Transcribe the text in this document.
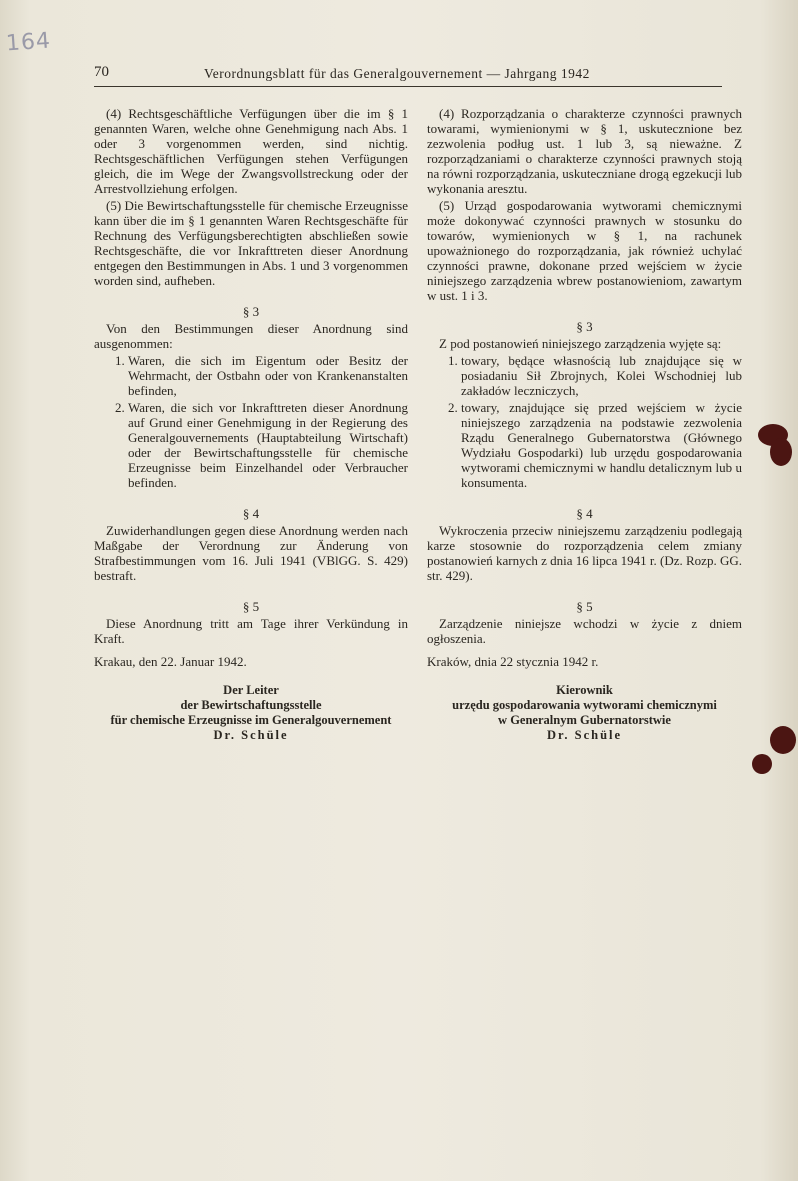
164
70	Verordnungsblatt für das Generalgouvernement — Jahrgang 1942

(4) Rechtsgeschäftliche Verfügungen über die im § 1 genannten Waren, welche ohne Genehmigung nach Abs. 1 oder 3 vorgenommen werden, sind nichtig. Rechtsgeschäftlichen Verfügungen stehen Verfügungen gleich, die im Wege der Zwangsvollstreckung oder der Arrestvollziehung erfolgen.

(5) Die Bewirtschaftungsstelle für chemische Erzeugnisse kann über die im § 1 genannten Waren Rechtsgeschäfte für Rechnung des Verfügungsberechtigten abschließen sowie Rechtsgeschäfte, die vor Inkrafttreten dieser Anordnung entgegen den Bestimmungen in Abs. 1 und 3 vorgenommen worden sind, aufheben.

§ 3

Von den Bestimmungen dieser Anordnung sind ausgenommen:

1. Waren, die sich im Eigentum oder Besitz der Wehrmacht, der Ostbahn oder von Krankenanstalten befinden,
2. Waren, die sich vor Inkrafttreten dieser Anordnung auf Grund einer Genehmigung in der Regierung des Generalgouvernements (Hauptabteilung Wirtschaft) oder der Bewirtschaftungsstelle für chemische Erzeugnisse beim Einzelhandel oder Verbraucher befinden.

§ 4

Zuwiderhandlungen gegen diese Anordnung werden nach Maßgabe der Verordnung zur Änderung von Strafbestimmungen vom 16. Juli 1941 (VBlGG. S. 429) bestraft.

§ 5

Diese Anordnung tritt am Tage ihrer Verkündung in Kraft.

Krakau, den 22. Januar 1942.

Der Leiter
der Bewirtschaftungsstelle
für chemische Erzeugnisse im Generalgouvernement
Dr. Schüle

(4) Rozporządzania o charakterze czynności prawnych towarami, wymienionymi w § 1, uskutecznione bez zezwolenia podług ust. 1 lub 3, są nieważne. Z rozporządzaniami o charakterze czynności prawnych stoją na równi rozporządzania, uskuteczniane drogą egzekucji lub wykonania aresztu.

(5) Urząd gospodarowania wytworami chemicznymi może dokonywać czynności prawnych w stosunku do towarów, wymienionych w § 1, na rachunek upoważnionego do rozporządzania, jak również uchylać czynności prawne, dokonane przed wejściem w życie niniejszego zarządzenia wbrew postanowieniom, zawartym w ust. 1 i 3.

§ 3

Z pod postanowień niniejszego zarządzenia wyjęte są:

1. towary, będące własnością lub znajdujące się w posiadaniu Sił Zbrojnych, Kolei Wschodniej lub zakładów leczniczych,
2. towary, znajdujące się przed wejściem w życie niniejszego zarządzenia na podstawie zezwolenia Rządu Generalnego Gubernatorstwa (Głównego Wydziału Gospodarki) lub urzędu gospodarowania wytworami chemicznymi w handlu detalicznym lub u konsumenta.

§ 4

Wykroczenia przeciw niniejszemu zarządzeniu podlegają karze stosownie do rozporządzenia celem zmiany postanowień karnych z dnia 16 lipca 1941 r. (Dz. Rozp. GG. str. 429).

§ 5

Zarządzenie niniejsze wchodzi w życie z dniem ogłoszenia.

Kraków, dnia 22 stycznia 1942 r.

Kierownik
urzędu gospodarowania wytworami chemicznymi
w Generalnym Gubernatorstwie
Dr. Schüle
